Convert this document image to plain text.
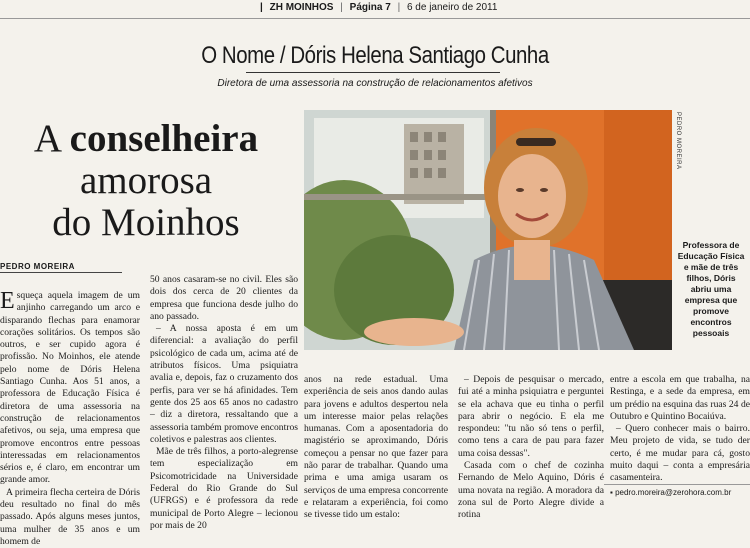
| ZH MOINHOS | Página 7 | 6 de janeiro de 2011
O Nome / Dóris Helena Santiago Cunha
Diretora de uma assessoria na construção de relacionamentos afetivos
A conselheira
amorosa
do Moinhos
PEDRO MOREIRA

Esqueça aquela imagem de um anjinho carregando um arco e disparando flechas para enamorar corações solitários. Os tempos são outros, e ser cupido agora é profissão. No Moinhos, ele atende pelo nome de Dóris Helena Santiago Cunha. Aos 51 anos, a professora de Educação Física é diretora de uma assessoria na construção de relacionamentos afetivos, ou seja, uma empresa que promove encontros entre pessoas interessadas em relacionamentos sérios e, é claro, em encontrar um grande amor.

A primeira flecha certeira de Dóris deu resultado no final do mês passado. Após alguns meses juntos, uma mulher de 35 anos e um homem de

50 anos casaram-se no civil. Eles são dois dos cerca de 20 clientes da empresa que funciona desde julho do ano passado.

– A nossa aposta é em um diferencial: a avaliação do perfil psicológico de cada um, acima até de atributos físicos. Uma psiquiatra avalia e, depois, faz o cruzamento dos perfis, para ver se há afinidades. Tem gente dos 25 aos 65 anos no cadastro – diz a diretora, ressaltando que a assessoria também promove encontros coletivos e palestras aos clientes.

Mãe de três filhos, a porto-alegrense tem especialização em Psicomotricidade na Universidade Federal do Rio Grande do Sul (UFRGS) e é professora da rede municipal de Porto Alegre – lecionou por mais de 20

PEDRO MOREIRA
Professora de Educação Física e mãe de três filhos, Dóris abriu uma empresa que promove encontros pessoais

anos na rede estadual. Uma experiência de seis anos dando aulas para jovens e adultos despertou nela um interesse maior pelas relações humanas. Com a aposentadoria do magistério se aproximando, Dóris começou a pensar no que fazer para não parar de trabalhar. Quando uma prima e uma amiga usaram os serviços de uma empresa concorrente e relataram a experiência, foi como se tivesse tido um estalo:

– Depois de pesquisar o mercado, fui até a minha psiquiatra e perguntei se ela achava que eu tinha o perfil para abrir o negócio. E ela me respondeu: "tu não só tens o perfil, como tens a cara de pau para fazer uma coisa dessas".

Casada com o chef de cozinha Fernando de Melo Aquino, Dóris é uma novata na região. A moradora da zona sul de Porto Alegre divide a rotina

entre a escola em que trabalha, na Restinga, e a sede da empresa, em um prédio na esquina das ruas 24 de Outubro e Quintino Bocaiúva.

– Quero conhecer mais o bairro. Meu projeto de vida, se tudo der certo, é me mudar para cá, gosto muito daqui – conta a empresária casamenteira.

▪ pedro.moreira@zerohora.com.br
